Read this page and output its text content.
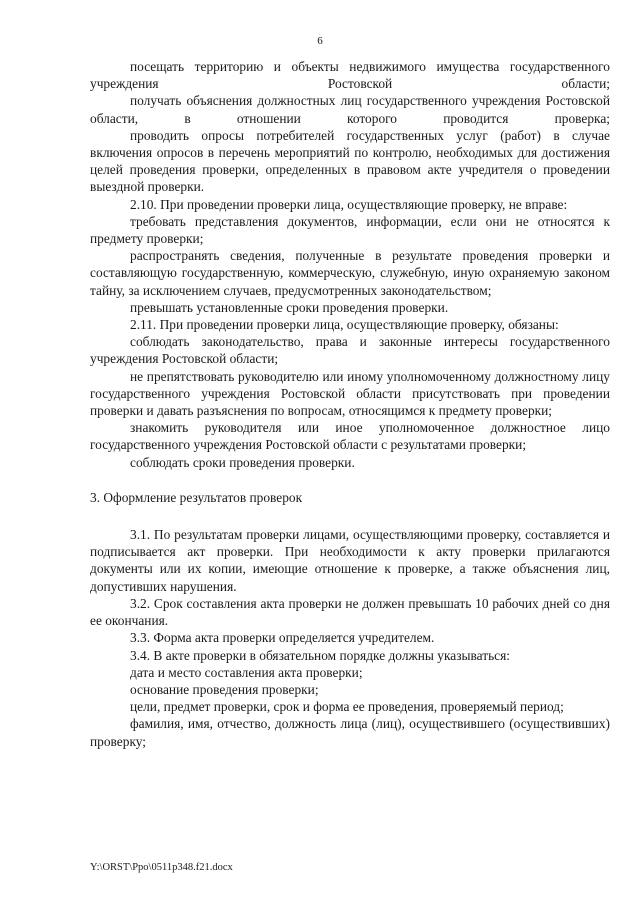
6

посещать территорию и объекты недвижимого имущества государственного учреждения Ростовской области;

получать объяснения должностных лиц государственного учреждения Ростовской области, в отношении которого проводится проверка;

проводить опросы потребителей государственных услуг (работ) в случае включения опросов в перечень мероприятий по контролю, необходимых для достижения целей проведения проверки, определенных в правовом акте учредителя о проведении выездной проверки.

2.10. При проведении проверки лица, осуществляющие проверку, не вправе:

требовать представления документов, информации, если они не относятся к предмету проверки;

распространять сведения, полученные в результате проведения проверки и составляющую государственную, коммерческую, служебную, иную охраняемую законом тайну, за исключением случаев, предусмотренных законодательством;

превышать установленные сроки проведения проверки.

2.11. При проведении проверки лица, осуществляющие проверку, обязаны:

соблюдать законодательство, права и законные интересы государственного учреждения Ростовской области;

не препятствовать руководителю или иному уполномоченному должностному лицу государственного учреждения Ростовской области присутствовать при проведении проверки и давать разъяснения по вопросам, относящимся к предмету проверки;

знакомить руководителя или иное уполномоченное должностное лицо государственного учреждения Ростовской области с результатами проверки;

соблюдать сроки проведения проверки.

3. Оформление результатов проверок

3.1. По результатам проверки лицами, осуществляющими проверку, составляется и подписывается акт проверки. При необходимости к акту проверки прилагаются документы или их копии, имеющие отношение к проверке, а также объяснения лиц, допустивших нарушения.

3.2. Срок составления акта проверки не должен превышать 10 рабочих дней со дня ее окончания.

3.3. Форма акта проверки определяется учредителем.

3.4. В акте проверки в обязательном порядке должны указываться:

дата и место составления акта проверки;

основание проведения проверки;

цели, предмет проверки, срок и форма ее проведения, проверяемый период;

фамилия, имя, отчество, должность лица (лиц), осуществившего (осуществивших) проверку;

Y:\ORST\Ppo\0511p348.f21.docx
